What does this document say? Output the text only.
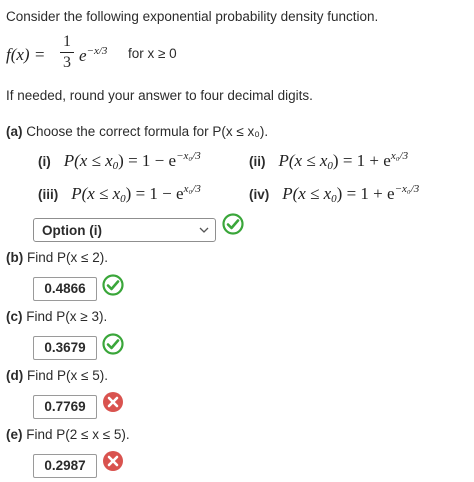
Consider the following exponential probability density function.
f(x) =
1
3 $e^{-x/3}$ for x ≥ 0
If needed, round your answer to four decimal digits.
(a) Choose the correct formula for P(x ≤ x₀).
(i) $P(x \le x_0) = 1 - e^{-x_0/3}$	(ii) $P(x \le x_0) = 1 + e^{x_0/3}$
(iii) $P(x \le x_0) = 1 - e^{x_0/3}$	(iv) $P(x \le x_0) = 1 + e^{-x_0/3}$
Option (i)
(b) Find P(x ≤ 2).
0.4866
(c) Find P(x ≥ 3).
0.3679
(d) Find P(x ≤ 5).
0.7769
(e) Find P(2 ≤ x ≤ 5).
0.2987
